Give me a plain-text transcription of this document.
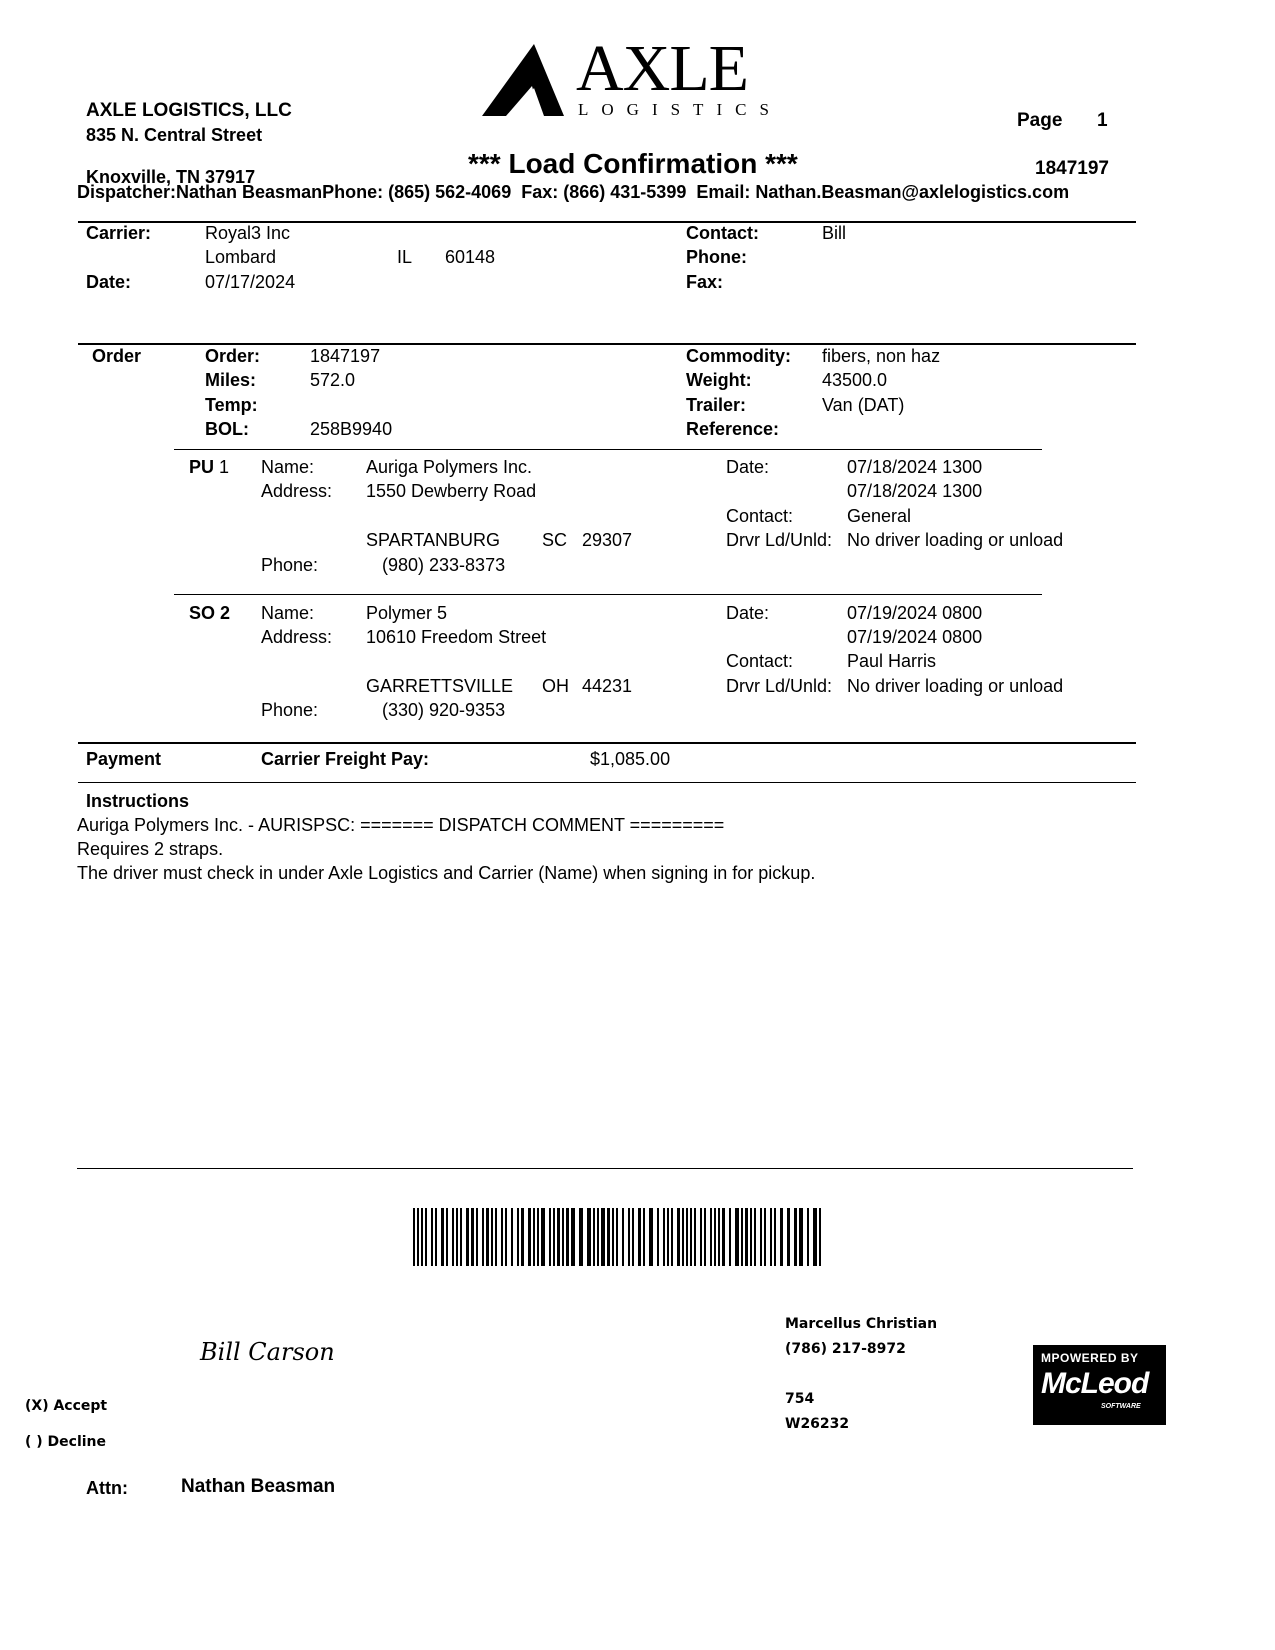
AXLE LOGISTICS, LLC
835 N. Central Street
Knoxville, TN 37917
AXLE
LOGISTICS
Page 1
*** Load Confirmation ***	1847197
Dispatcher:Nathan BeasmanPhone: (865) 562-4069 Fax: (866) 431-5399 Email: Nathan.Beasman@axlelogistics.com
Carrier:	Royal3 Inc
Lombard	IL 60148
Date:	07/17/2024
Contact:	Bill
Phone:
Fax:
Order	Order:	1847197
Miles:	572.0
Temp:
BOL:	258B9940
Commodity: fibers, non haz
Weight:	43500.0
Trailer:	Van (DAT)
Reference:
PU 1 Name:	Auriga Polymers Inc.
Address: 1550 Dewberry Road
SPARTANBURG SC 29307
Phone:	(980) 233-8373
Date:	07/18/2024 1300
07/18/2024 1300
Contact:	General
Drvr Ld/Unld: No driver loading or unload
SO 2 Name:	Polymer 5
Address: 10610 Freedom Street
GARRETTSVILLE OH 44231
Phone:	(330) 920-9353
Date:	07/19/2024 0800
07/19/2024 0800
Contact:	Paul Harris
Drvr Ld/Unld: No driver loading or unload
Payment	Carrier Freight Pay:	$1,085.00
Instructions
Auriga Polymers Inc. - AURISPSC: ======= DISPATCH COMMENT =========
Requires 2 straps.
The driver must check in under Axle Logistics and Carrier (Name) when signing in for pickup.
Bill Carson
Marcellus Christian
(786) 217-8972
754
W26232
(X) Accept
( ) Decline
Attn:	Nathan Beasman
MPOWERED BY
McLeod
SOFTWARE
